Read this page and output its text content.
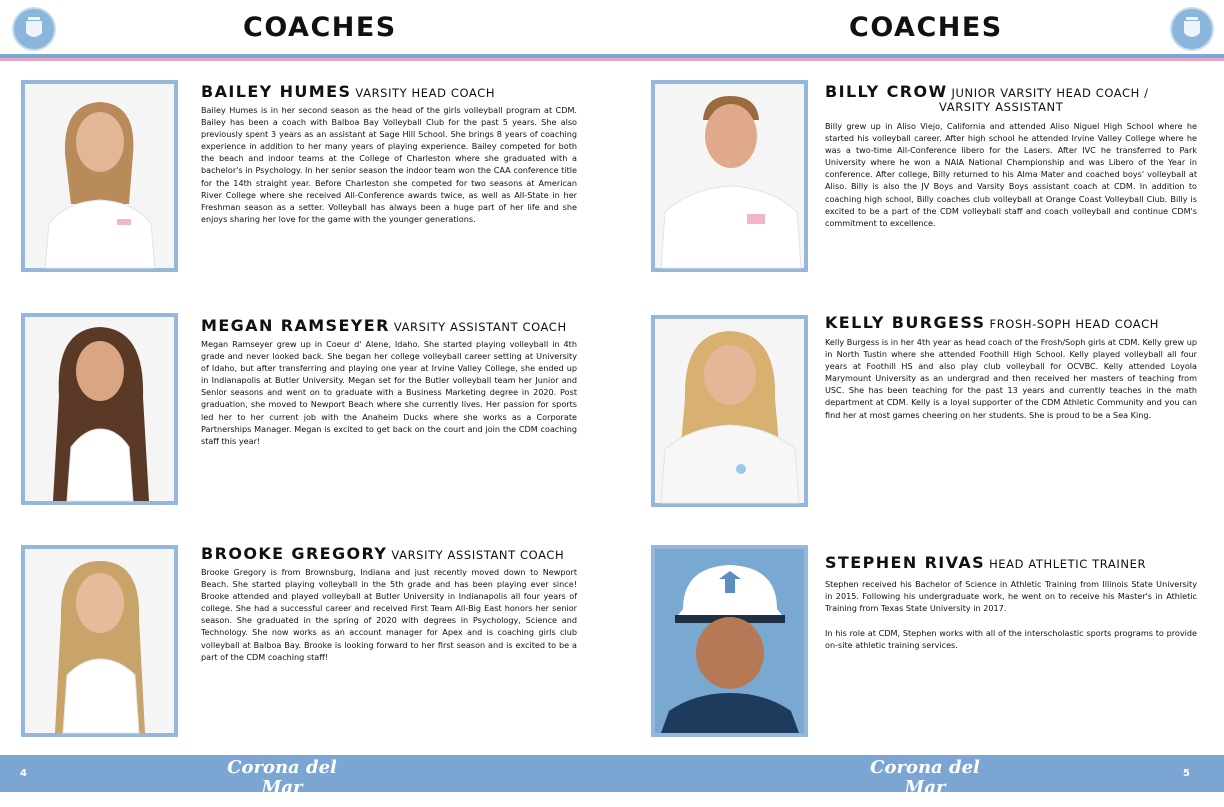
COACHES	COACHES
BAILEY HUMES VARSITY HEAD COACH
Bailey Humes is in her second season as the head of the girls volleyball program at CDM. Bailey has been a coach with Balboa Bay Volleyball Club for the past 5 years. She also previously spent 3 years as an assistant at Sage Hill School. She brings 8 years of coaching experience in addition to her many years of playing experience. Bailey competed for both the beach and indoor teams at the College of Charleston where she graduated with a bachelor's in Psychology. In her senior season the indoor team won the CAA conference title for the 14th straight year. Before Charleston she competed for two seasons at American River College where she received All-Conference awards twice, as well as All-State in her Freshman season as a setter. Volleyball has always been a huge part of her life and she enjoys sharing her love for the game with the younger generations.
MEGAN RAMSEYER VARSITY ASSISTANT COACH
Megan Ramseyer grew up in Coeur d' Alene, Idaho. She started playing volleyball in 4th grade and never looked back. She began her college volleyball career setting at University of Idaho, but after transferring and playing one year at Irvine Valley College, she ended up in Indianapolis at Butler University. Megan set for the Butler volleyball team her Junior and Senior seasons and went on to graduate with a Business Marketing degree in 2020. Post graduation, she moved to Newport Beach where she currently lives. Her passion for sports led her to her current job with the Anaheim Ducks where she works as a Corporate Partnerships Manager. Megan is excited to get back on the court and join the CDM coaching staff this year!
BROOKE GREGORY VARSITY ASSISTANT COACH
Brooke Gregory is from Brownsburg, Indiana and just recently moved down to Newport Beach. She started playing volleyball in the 5th grade and has been playing ever since! Brooke attended and played volleyball at Butler University in Indianapolis all four years of college. She had a successful career and received First Team All-Big East honors her senior season. She graduated in the spring of 2020 with degrees in Psychology, Science and Technology. She now works as an account manager for Apex and is coaching girls club volleyball at Balboa Bay. Brooke is looking forward to her first season and is excited to be a part of the CDM coaching staff!
BILLY CROW JUNIOR VARSITY HEAD COACH /
VARSITY ASSISTANT
Billy grew up in Aliso Viejo, California and attended Aliso Niguel High School where he started his volleyball career. After high school he attended Irvine Valley College where he was a two-time All-Conference libero for the Lasers. After IVC he transferred to Park University where he won a NAIA National Championship and was Libero of the Year in conference. After college, Billy returned to his Alma Mater and coached boys' volleyball at Aliso. Billy is also the JV Boys and Varsity Boys assistant coach at CDM. In addition to coaching high school, Billy coaches club volleyball at Orange Coast Volleyball Club. Billy is excited to be a part of the CDM volleyball staff and coach volleyball and continue CDM's commitment to excellence.
KELLY BURGESS FROSH-SOPH HEAD COACH
Kelly Burgess is in her 4th year as head coach of the Frosh/Soph girls at CDM. Kelly grew up in North Tustin where she attended Foothill High School. Kelly played volleyball all four years at Foothill HS and also play club volleyball for OCVBC. Kelly attended Loyola Marymount University as an undergrad and then received her masters of teaching from USC. She has been teaching for the past 13 years and currently teaches in the math department at CDM. Kelly is a loyal supporter of the CDM Athletic Community and you can find her at most games cheering on her students. She is proud to be a Sea King.
STEPHEN RIVAS HEAD ATHLETIC TRAINER
Stephen received his Bachelor of Science in Athletic Training from Illinois State University in 2015. Following his undergraduate work, he went on to receive his Master's in Athletic Training from Texas State University in 2017.
In his role at CDM, Stephen works with all of the interscholastic sports programs to provide on-site athletic training services.
4	Corona del Mar
VOLLEYBALL
Corona del Mar
VOLLEYBALL
5
